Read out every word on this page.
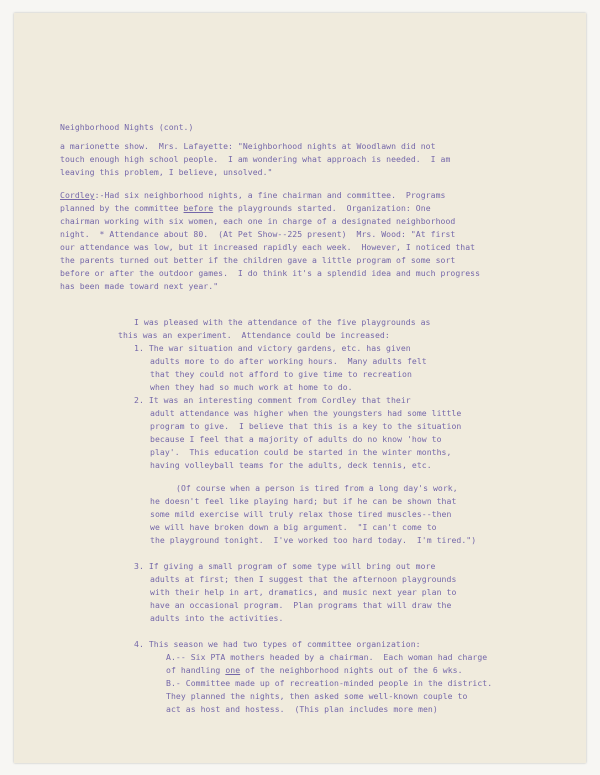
Neighborhood Nights (cont.)
a marionette show.  Mrs. Lafayette: "Neighborhood nights at Woodlawn did not
touch enough high school people.  I am wondering what approach is needed.  I am
leaving this problem, I believe, unsolved."
Cordley:-Had six neighborhood nights, a fine chairman and committee.  Programs
planned by the committee before the playgrounds started.  Organization: One
chairman working with six women, each one in charge of a designated neighborhood
night.  * Attendance about 80.  (At Pet Show--225 present)  Mrs. Wood: "At first
our attendance was low, but it increased rapidly each week.  However, I noticed that
the parents turned out better if the children gave a little program of some sort
before or after the outdoor games.  I do think it's a splendid idea and much progress
has been made toward next year."
I was pleased with the attendance of the five playgrounds as
this was an experiment.  Attendance could be increased:
1. The war situation and victory gardens, etc. has given
adults more to do after working hours.  Many adults felt
that they could not afford to give time to recreation
when they had so much work at home to do.
2. It was an interesting comment from Cordley that their
adult attendance was higher when the youngsters had some little
program to give.  I believe that this is a key to the situation
because I feel that a majority of adults do no know 'how to
play'.  This education could be started in the winter months,
having volleyball teams for the adults, deck tennis, etc.
(Of course when a person is tired from a long day's work,
he doesn't feel like playing hard; but if he can be shown that
some mild exercise will truly relax those tired muscles--then
we will have broken down a big argument.  "I can't come to
the playground tonight.  I've worked too hard today.  I'm tired.")
3. If giving a small program of some type will bring out more
adults at first; then I suggest that the afternoon playgrounds
with their help in art, dramatics, and music next year plan to
have an occasional program.  Plan programs that will draw the
adults into the activities.
4. This season we had two types of committee organization:
A.-- Six PTA mothers headed by a chairman.  Each woman had charge
of handling one of the neighborhood nights out of the 6 wks.
B.- Committee made up of recreation-minded people in the district.
They planned the nights, then asked some well-known couple to
act as host and hostess.  (This plan includes more men)
